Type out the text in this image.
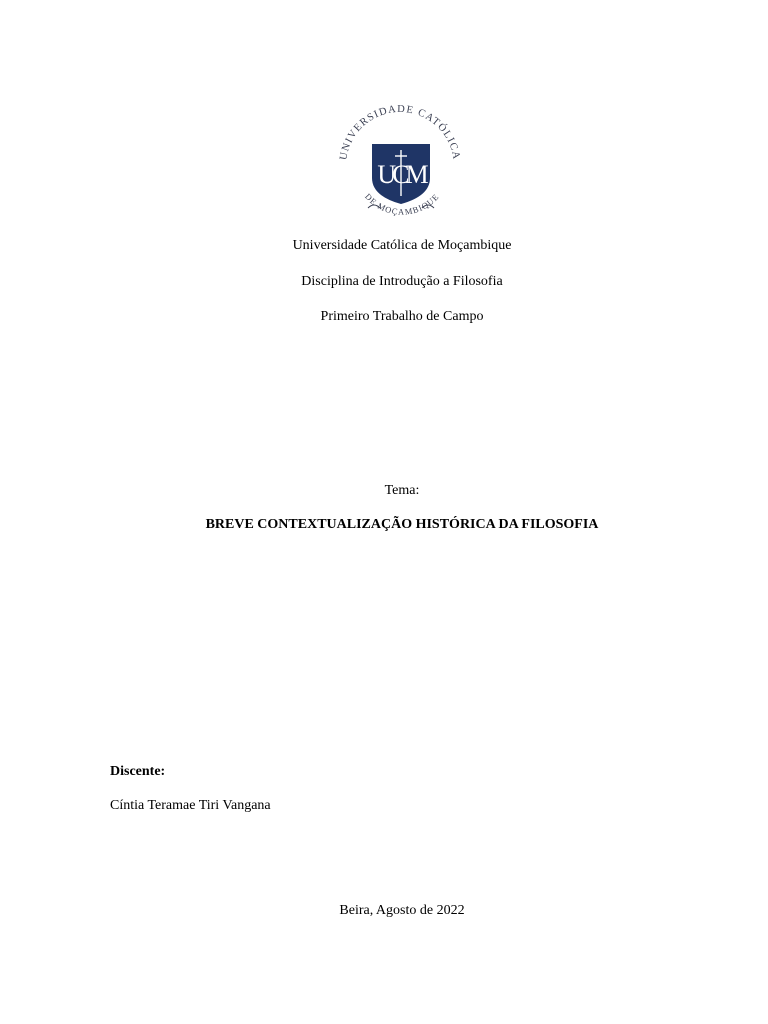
UNIVERSIDADE CATÓLICA
DE MOÇAMBIQUE
UCM
Universidade Católica de Moçambique
Disciplina de Introdução a Filosofia
Primeiro Trabalho de Campo
Tema:
BREVE CONTEXTUALIZAÇÃO HISTÓRICA DA FILOSOFIA
Discente:
Cíntia Teramae Tiri Vangana
Beira, Agosto de 2022
